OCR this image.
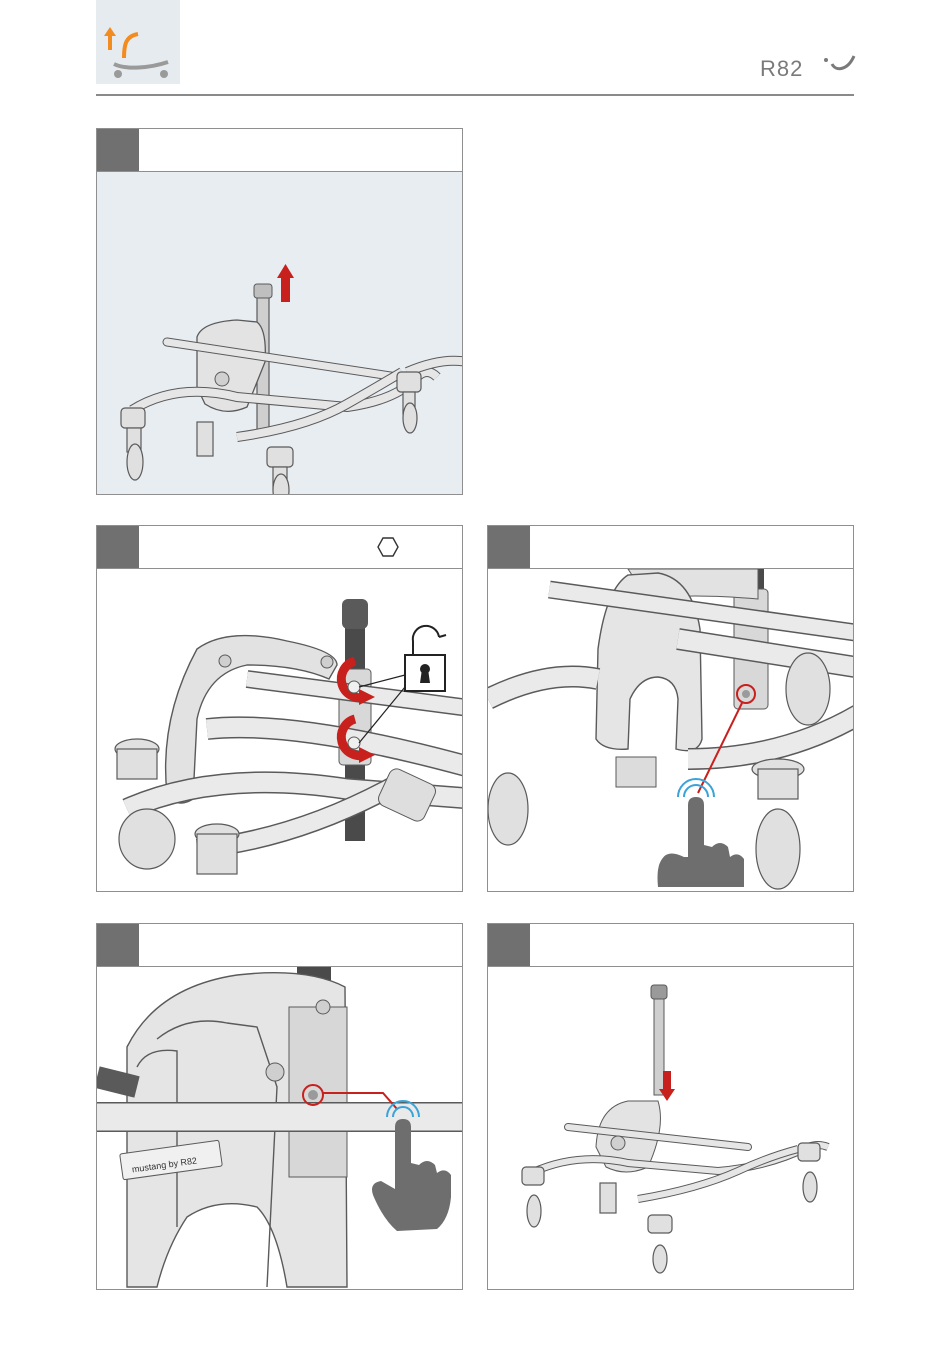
R82
mustang by R82
